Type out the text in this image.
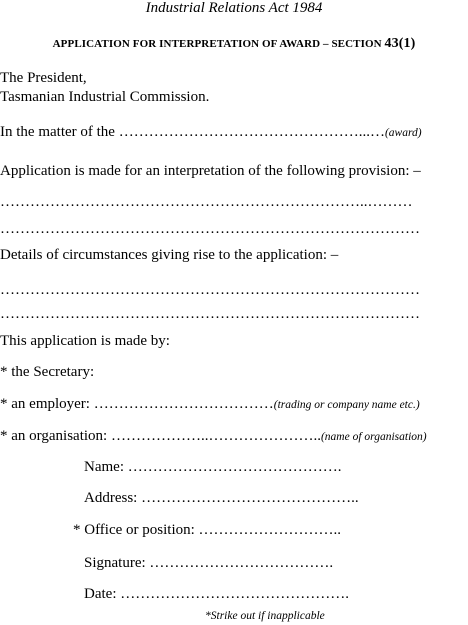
Industrial Relations Act 1984
APPLICATION FOR INTERPRETATION OF AWARD – SECTION 43(1)
The President,
Tasmanian Industrial Commission.
In the matter of the …………………………………………...…(award)
Application is made for an interpretation of the following provision: –
………………………………………………………………..………
…………………………………………………………………………
Details of circumstances giving rise to the application: –
…………………………………………………………………………
…………………………………………………………………………
This application is made by:
* the Secretary:
* an employer: ………………………………(trading or company name etc.)
* an organisation: ………………..…………………..(name of organisation)
Name: …………………………………….
Address: ……………………………………..
* Office or position: ………………………..
Signature: ……………………………….
Date: ……………………………………….
*Strike out if inapplicable
